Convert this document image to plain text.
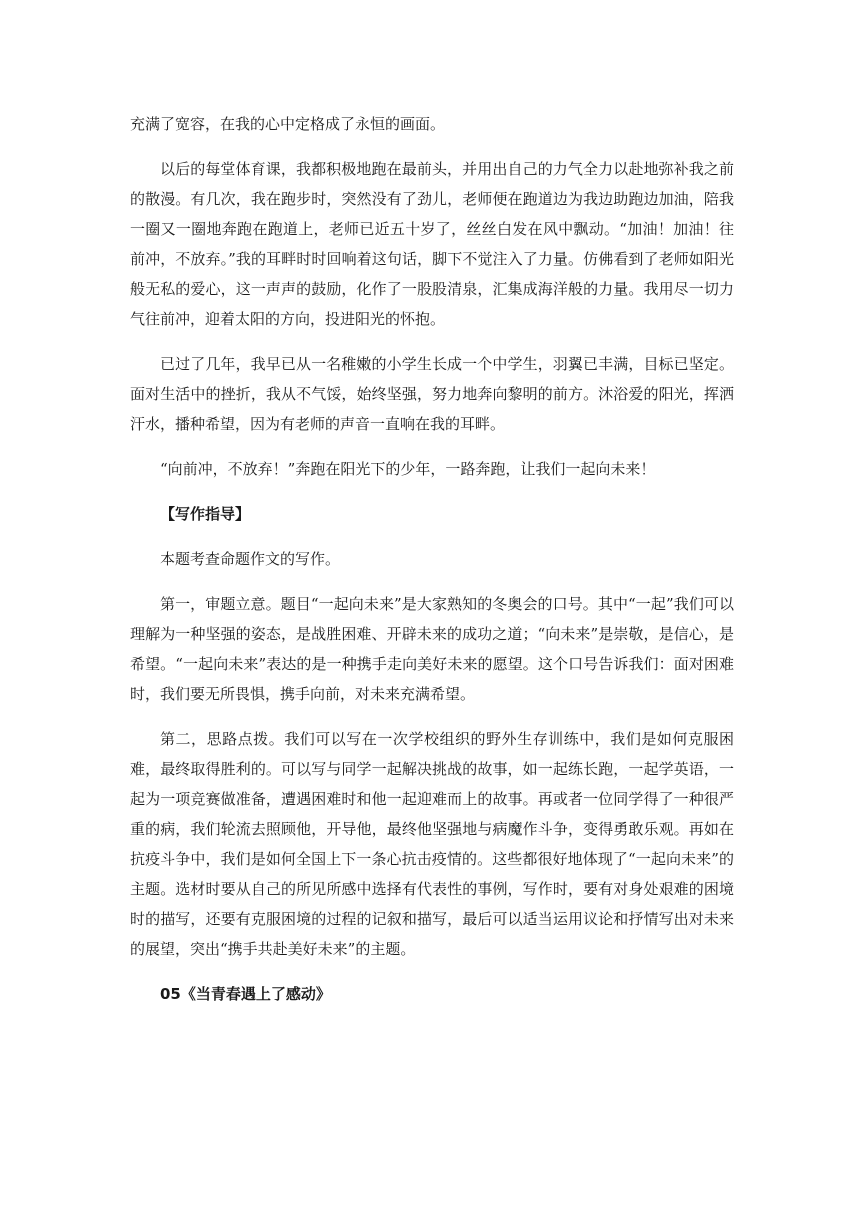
充满了宽容，在我的心中定格成了永恒的画面。

以后的每堂体育课，我都积极地跑在最前头，并用出自己的力气全力以赴地弥补我之前的散漫。有几次，我在跑步时，突然没有了劲儿，老师便在跑道边为我边助跑边加油，陪我一圈又一圈地奔跑在跑道上，老师已近五十岁了，丝丝白发在风中飘动。“加油！加油！往前冲，不放弃。”我的耳畔时时回响着这句话，脚下不觉注入了力量。仿佛看到了老师如阳光般无私的爱心，这一声声的鼓励，化作了一股股清泉，汇集成海洋般的力量。我用尽一切力气往前冲，迎着太阳的方向，投进阳光的怀抱。

已过了几年，我早已从一名稚嫩的小学生长成一个中学生，羽翼已丰满，目标已坚定。面对生活中的挫折，我从不气馁，始终坚强，努力地奔向黎明的前方。沐浴爱的阳光，挥洒汗水，播种希望，因为有老师的声音一直响在我的耳畔。

“向前冲，不放弃！”奔跑在阳光下的少年，一路奔跑，让我们一起向未来！

【写作指导】

本题考查命题作文的写作。

第一，审题立意。题目“一起向未来”是大家熟知的冬奥会的口号。其中“一起”我们可以理解为一种坚强的姿态，是战胜困难、开辟未来的成功之道；“向未来”是崇敬，是信心，是希望。“一起向未来”表达的是一种携手走向美好未来的愿望。这个口号告诉我们：面对困难时，我们要无所畏惧，携手向前，对未来充满希望。

第二，思路点拨。我们可以写在一次学校组织的野外生存训练中，我们是如何克服困难，最终取得胜利的。可以写与同学一起解决挑战的故事，如一起练长跑，一起学英语，一起为一项竞赛做准备，遭遇困难时和他一起迎难而上的故事。再或者一位同学得了一种很严重的病，我们轮流去照顾他，开导他，最终他坚强地与病魔作斗争，变得勇敢乐观。再如在抗疫斗争中，我们是如何全国上下一条心抗击疫情的。这些都很好地体现了“一起向未来”的主题。选材时要从自己的所见所感中选择有代表性的事例，写作时，要有对身处艰难的困境时的描写，还要有克服困境的过程的记叙和描写，最后可以适当运用议论和抒情写出对未来的展望，突出“携手共赴美好未来”的主题。

05《当青春遇上了感动》
